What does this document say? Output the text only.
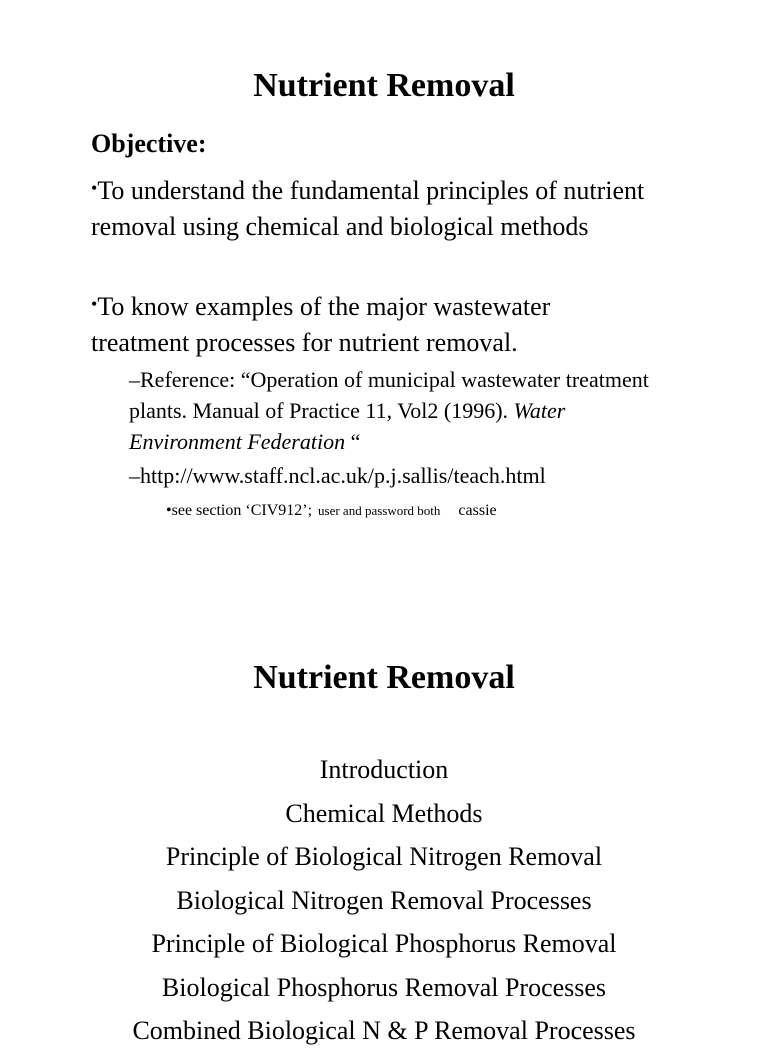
Nutrient Removal
Objective:
•To understand the fundamental principles of nutrient removal using chemical and biological methods
•To know examples of the major wastewater treatment processes for nutrient removal.
–Reference: “Operation of municipal wastewater treatment plants. Manual of Practice 11, Vol2 (1996). Water Environment Federation “
–http://www.staff.ncl.ac.uk/p.j.sallis/teach.html
•see section ‘CIV912’; user and password both cassie
Nutrient Removal
Introduction
Chemical Methods
Principle of Biological Nitrogen Removal
Biological Nitrogen Removal Processes
Principle of Biological Phosphorus Removal
Biological Phosphorus Removal Processes
Combined Biological N & P Removal Processes
